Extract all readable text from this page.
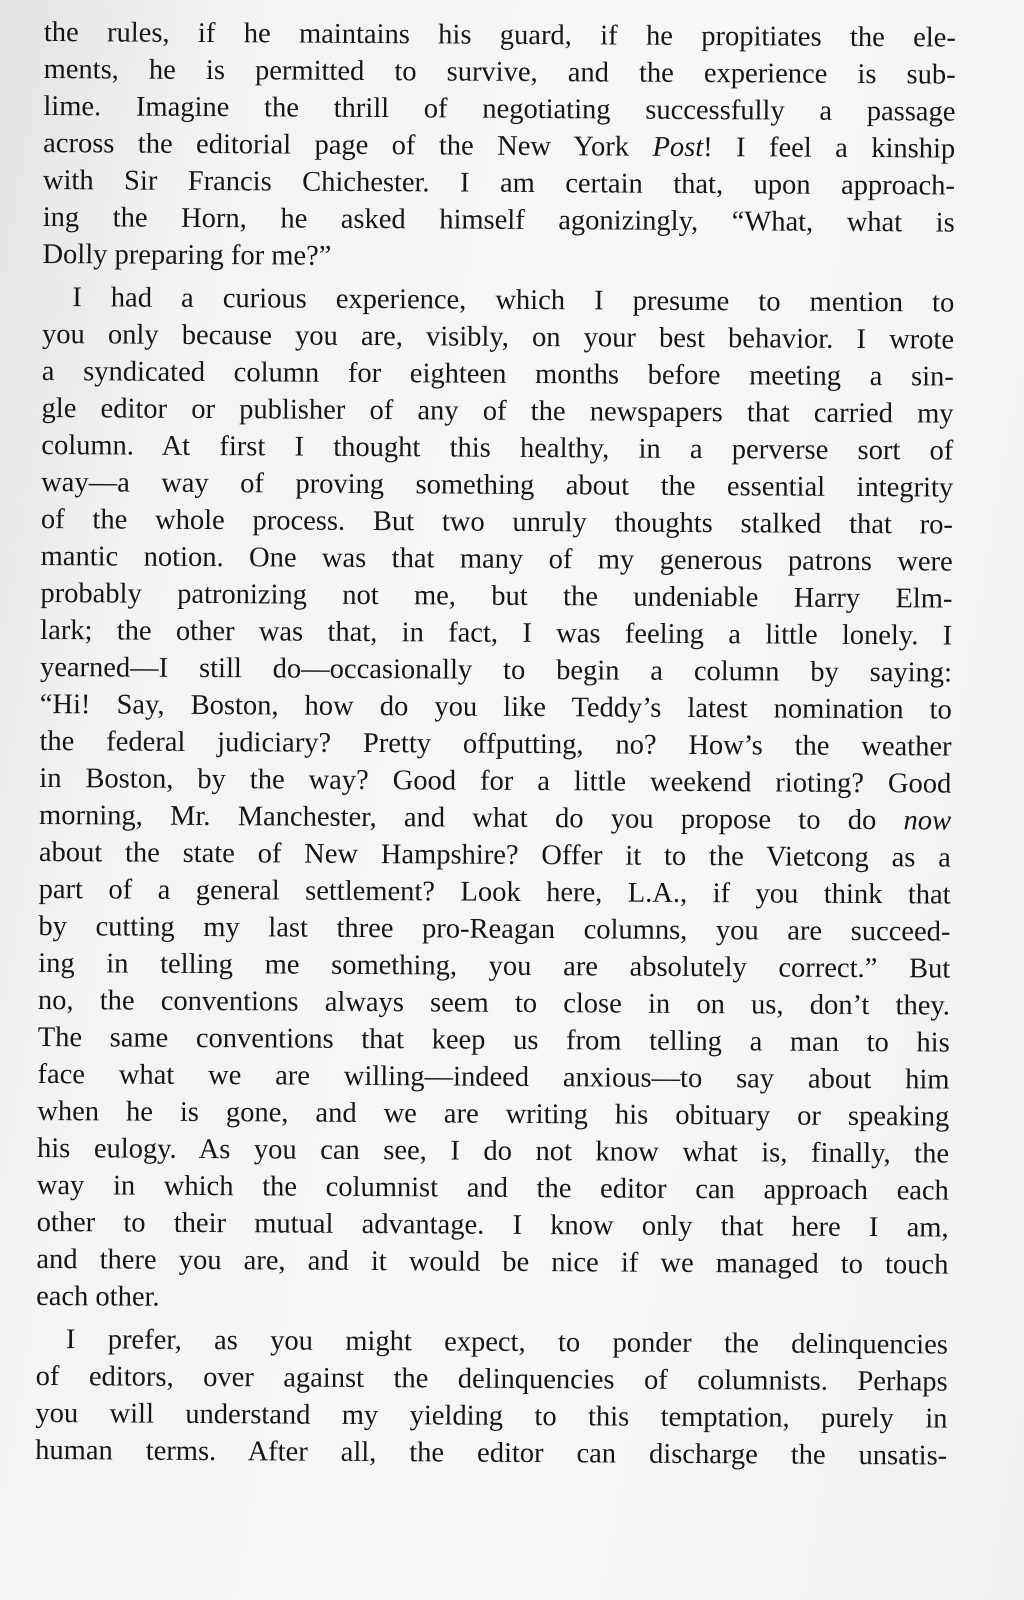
the rules, if he maintains his guard, if he propitiates the ele-
ments, he is permitted to survive, and the experience is sub-
lime. Imagine the thrill of negotiating successfully a passage
across the editorial page of the New York Post! I feel a kinship
with Sir Francis Chichester. I am certain that, upon approach-
ing the Horn, he asked himself agonizingly, “What, what is
Dolly preparing for me?”
I had a curious experience, which I presume to mention to
you only because you are, visibly, on your best behavior. I wrote
a syndicated column for eighteen months before meeting a sin-
gle editor or publisher of any of the newspapers that carried my
column. At first I thought this healthy, in a perverse sort of
way—a way of proving something about the essential integrity
of the whole process. But two unruly thoughts stalked that ro-
mantic notion. One was that many of my generous patrons were
probably patronizing not me, but the undeniable Harry Elm-
lark; the other was that, in fact, I was feeling a little lonely. I
yearned—I still do—occasionally to begin a column by saying:
“Hi! Say, Boston, how do you like Teddy’s latest nomination to
the federal judiciary? Pretty offputting, no? How’s the weather
in Boston, by the way? Good for a little weekend rioting? Good
morning, Mr. Manchester, and what do you propose to do now
about the state of New Hampshire? Offer it to the Vietcong as a
part of a general settlement? Look here, L.A., if you think that
by cutting my last three pro-Reagan columns, you are succeed-
ing in telling me something, you are absolutely correct.” But
no, the conventions always seem to close in on us, don’t they.
The same conventions that keep us from telling a man to his
face what we are willing—indeed anxious—to say about him
when he is gone, and we are writing his obituary or speaking
his eulogy. As you can see, I do not know what is, finally, the
way in which the columnist and the editor can approach each
other to their mutual advantage. I know only that here I am,
and there you are, and it would be nice if we managed to touch
each other.
I prefer, as you might expect, to ponder the delinquencies
of editors, over against the delinquencies of columnists. Perhaps
you will understand my yielding to this temptation, purely in
human terms. After all, the editor can discharge the unsatis-
